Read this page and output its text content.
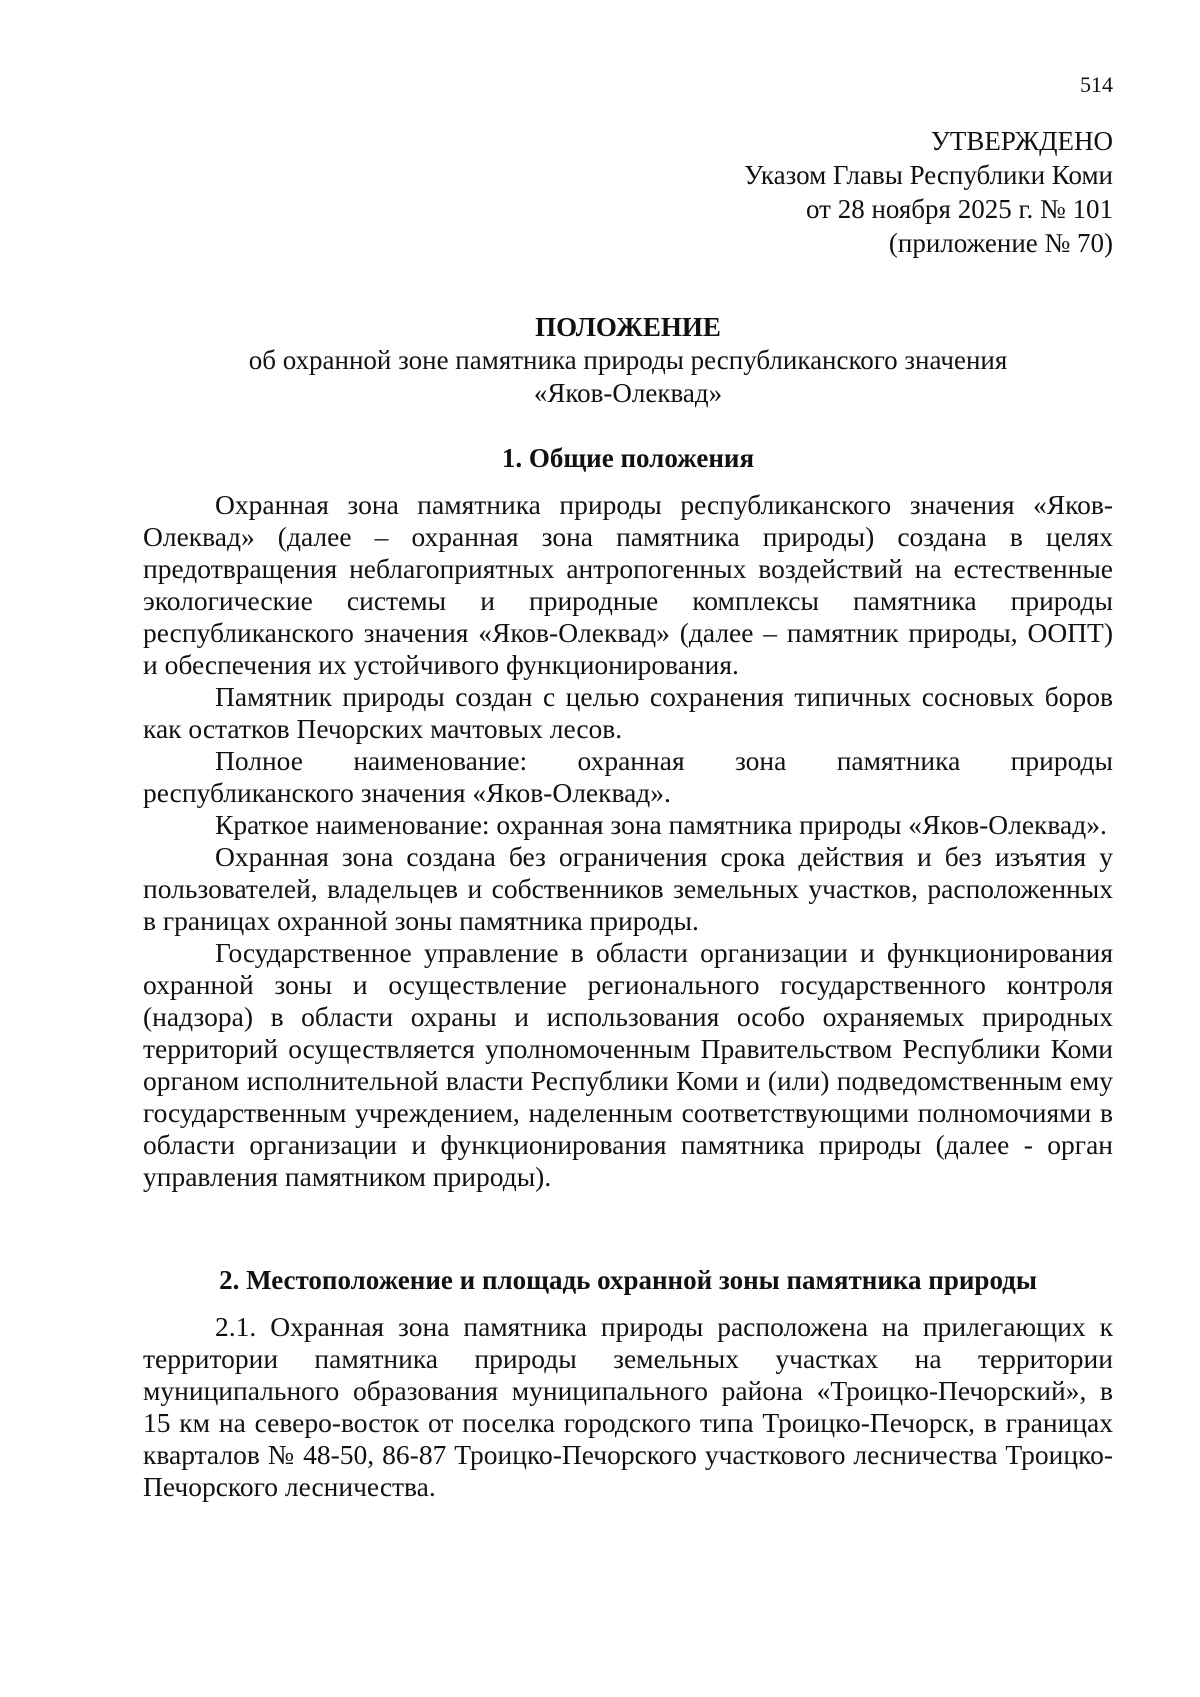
514
УТВЕРЖДЕНО
Указом Главы Республики Коми
от 28 ноября 2025 г. № 101
(приложение № 70)
ПОЛОЖЕНИЕ
об охранной зоне памятника природы республиканского значения
«Яков-Олеквад»
1. Общие положения

Охранная зона памятника природы республиканского значения «Яков-Олеквад» (далее – охранная зона памятника природы) создана в целях предотвращения неблагоприятных антропогенных воздействий на естественные экологические системы и природные комплексы памятника природы республиканского значения «Яков-Олеквад» (далее – памятник природы, ООПТ) и обеспечения их устойчивого функционирования.

Памятник природы создан с целью сохранения типичных сосновых боров как остатков Печорских мачтовых лесов.

Полное наименование: охранная зона памятника природы республиканского значения «Яков-Олеквад».

Краткое наименование: охранная зона памятника природы «Яков-Олеквад».

Охранная зона создана без ограничения срока действия и без изъятия у пользователей, владельцев и собственников земельных участков, расположенных в границах охранной зоны памятника природы.

Государственное управление в области организации и функционирования охранной зоны и осуществление регионального государственного контроля (надзора) в области охраны и использования особо охраняемых природных территорий осуществляется уполномоченным Правительством Республики Коми органом исполнительной власти Республики Коми и (или) подведомственным ему государственным учреждением, наделенным соответствующими полномочиями в области организации и функционирования памятника природы (далее - орган управления памятником природы).

2. Местоположение и площадь охранной зоны памятника природы

2.1. Охранная зона памятника природы расположена на прилегающих к территории памятника природы земельных участках на территории муниципального образования муниципального района «Троицко-Печорский», в 15 км на северо-восток от поселка городского типа Троицко-Печорск, в границах кварталов № 48-50, 86-87 Троицко-Печорского участкового лесничества Троицко-Печорского лесничества.
